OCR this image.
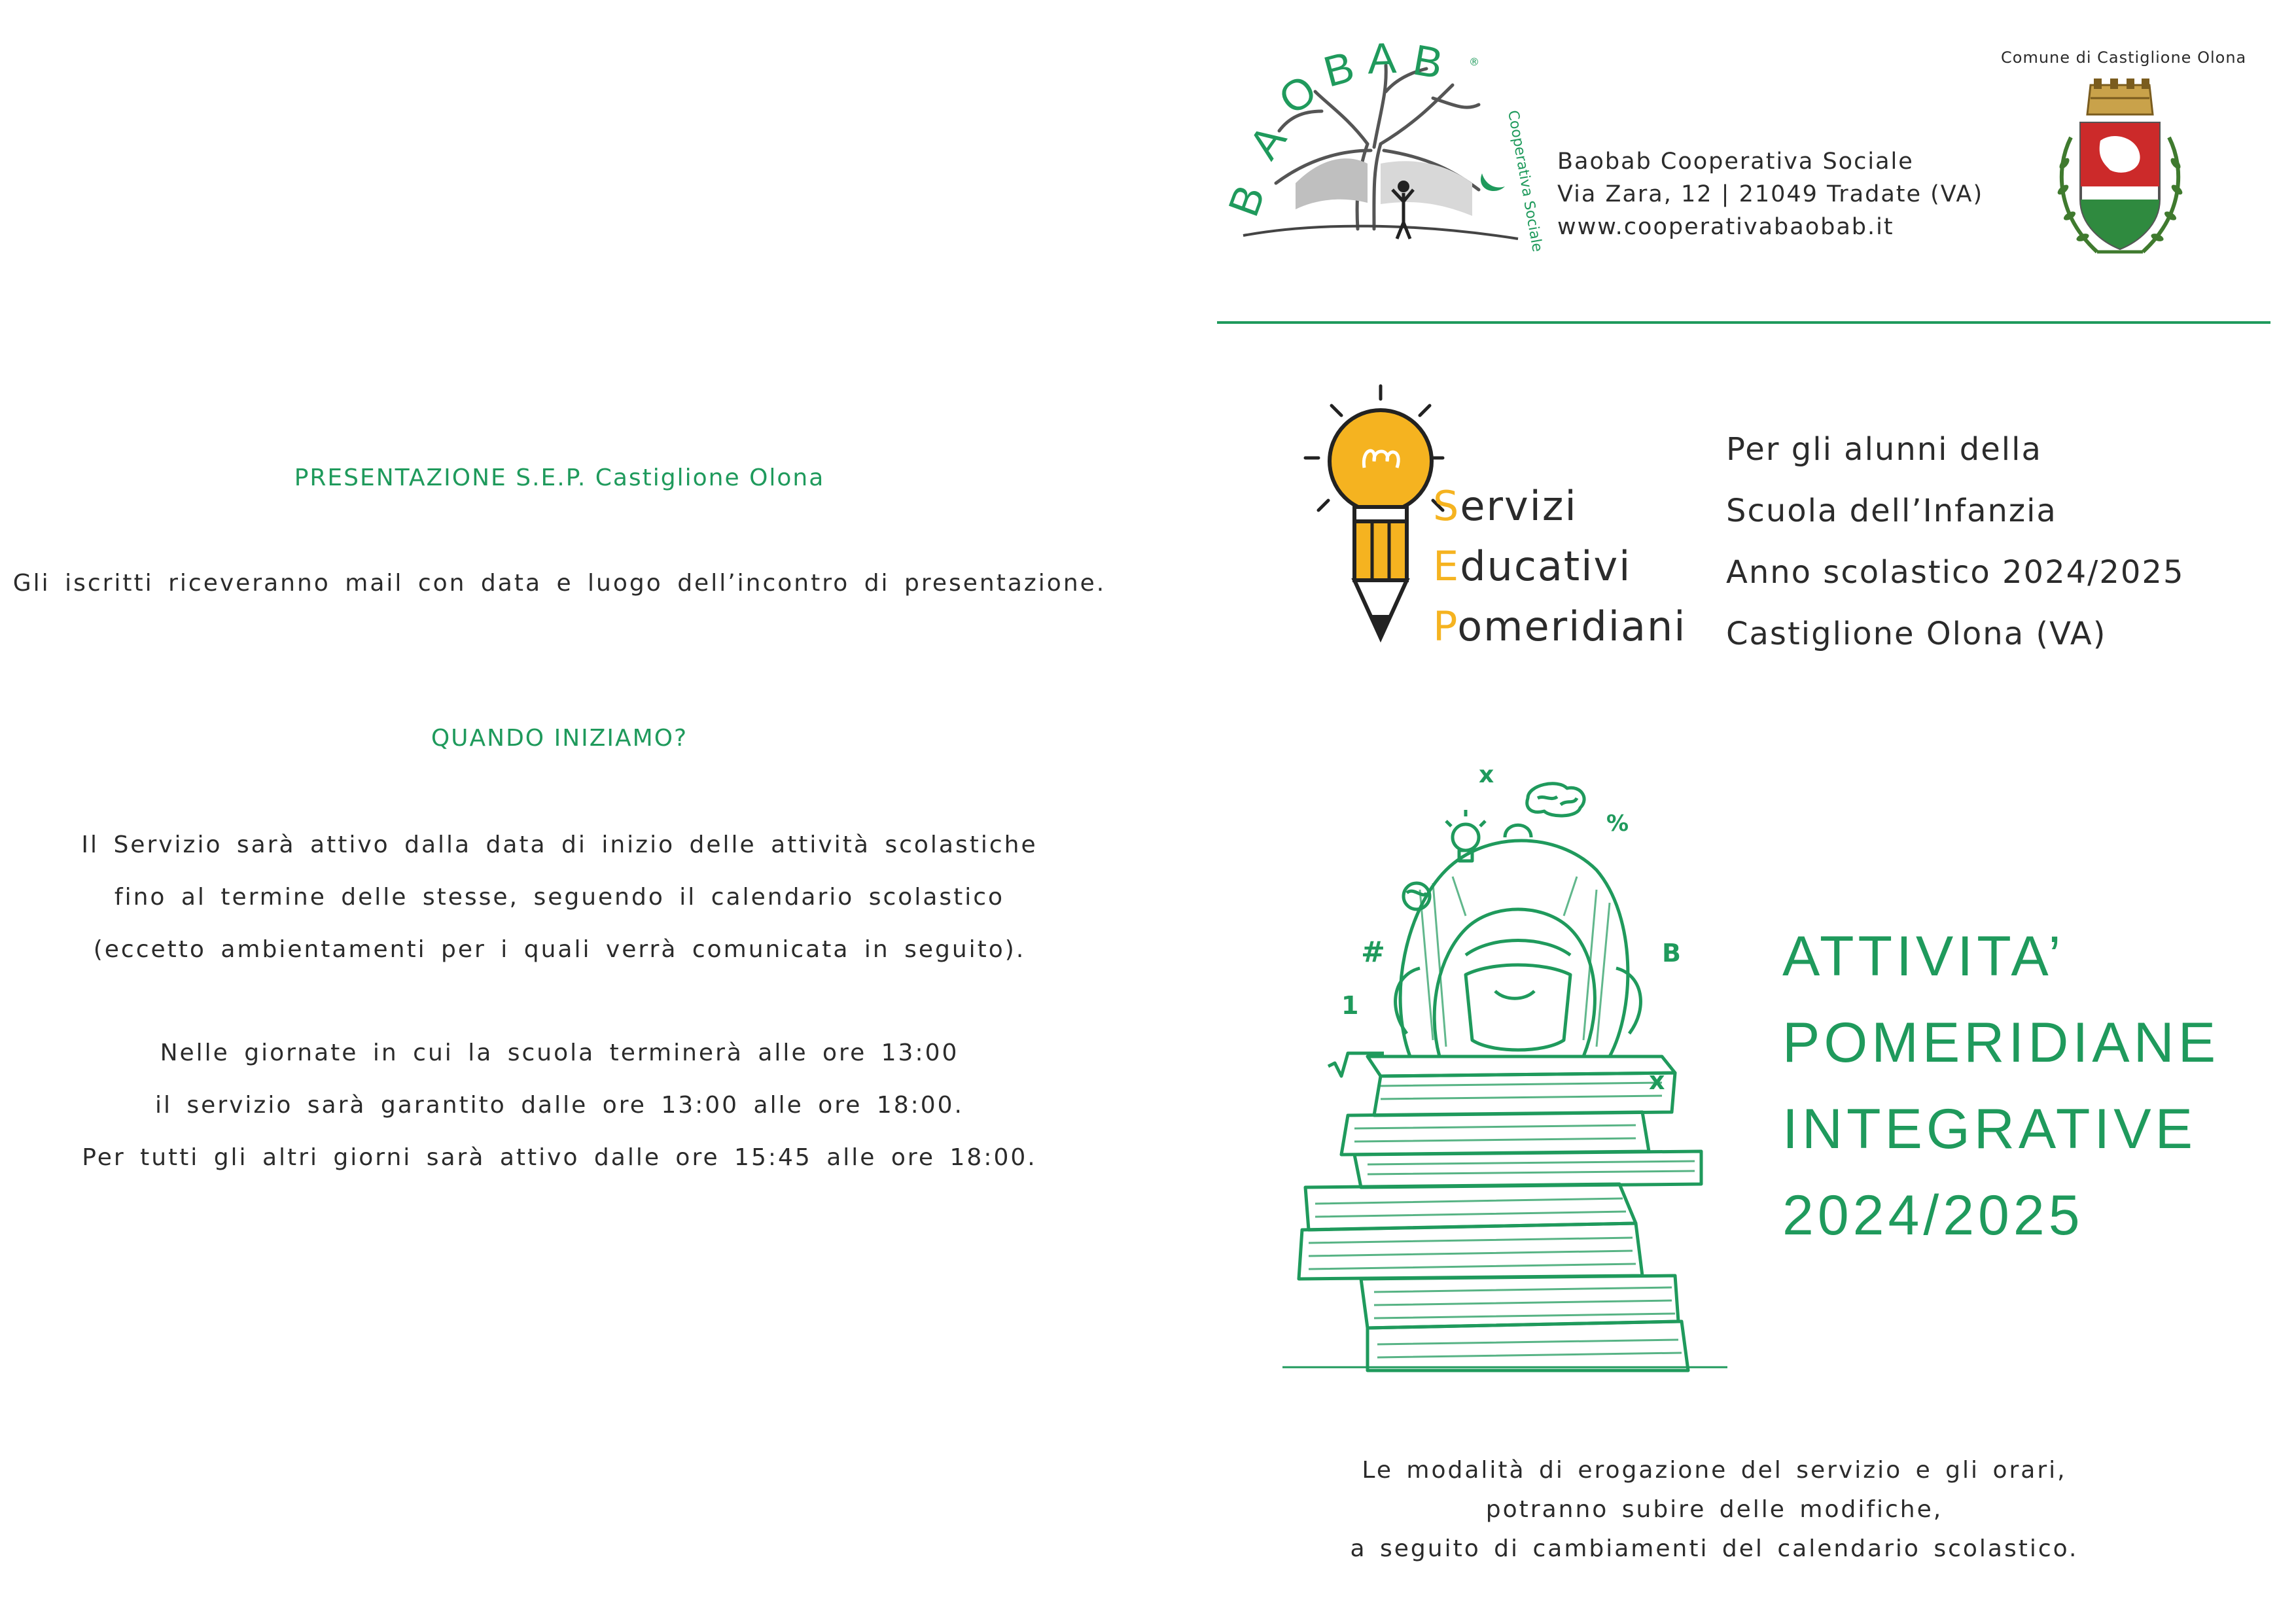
PRESENTAZIONE S.E.P. Castiglione Olona
Gli iscritti riceveranno mail con data e luogo dell’incontro di presentazione.
QUANDO INIZIAMO?
Il Servizio sarà attivo dalla data di inizio delle attività scolastiche
fino al termine delle stesse, seguendo il calendario scolastico
(eccetto ambientamenti per i quali verrà comunicata in seguito).
Nelle giornate in cui la scuola terminerà alle ore 13:00
il servizio sarà garantito dalle ore 13:00 alle ore 18:00.
Per tutti gli altri giorni sarà attivo dalle ore 15:45 alle ore 18:00.
B
A
O
B A B ®
Cooperativa Sociale Baobab Cooperativa Sociale
Via Zara, 12 | 21049 Tradate (VA)
www.cooperativabaobab.it
Comune di Castiglione Olona
Servizi
Educativi
Pomeridiani
Per gli alunni della
Scuola dell’Infanzia
Anno scolastico 2024/2025
Castiglione Olona (VA)
x
%
#
1
B
x
ATTIVITA’
POMERIDIANE
INTEGRATIVE
2024/2025
Le modalità di erogazione del servizio e gli orari,
potranno subire delle modifiche,
a seguito di cambiamenti del calendario scolastico.
